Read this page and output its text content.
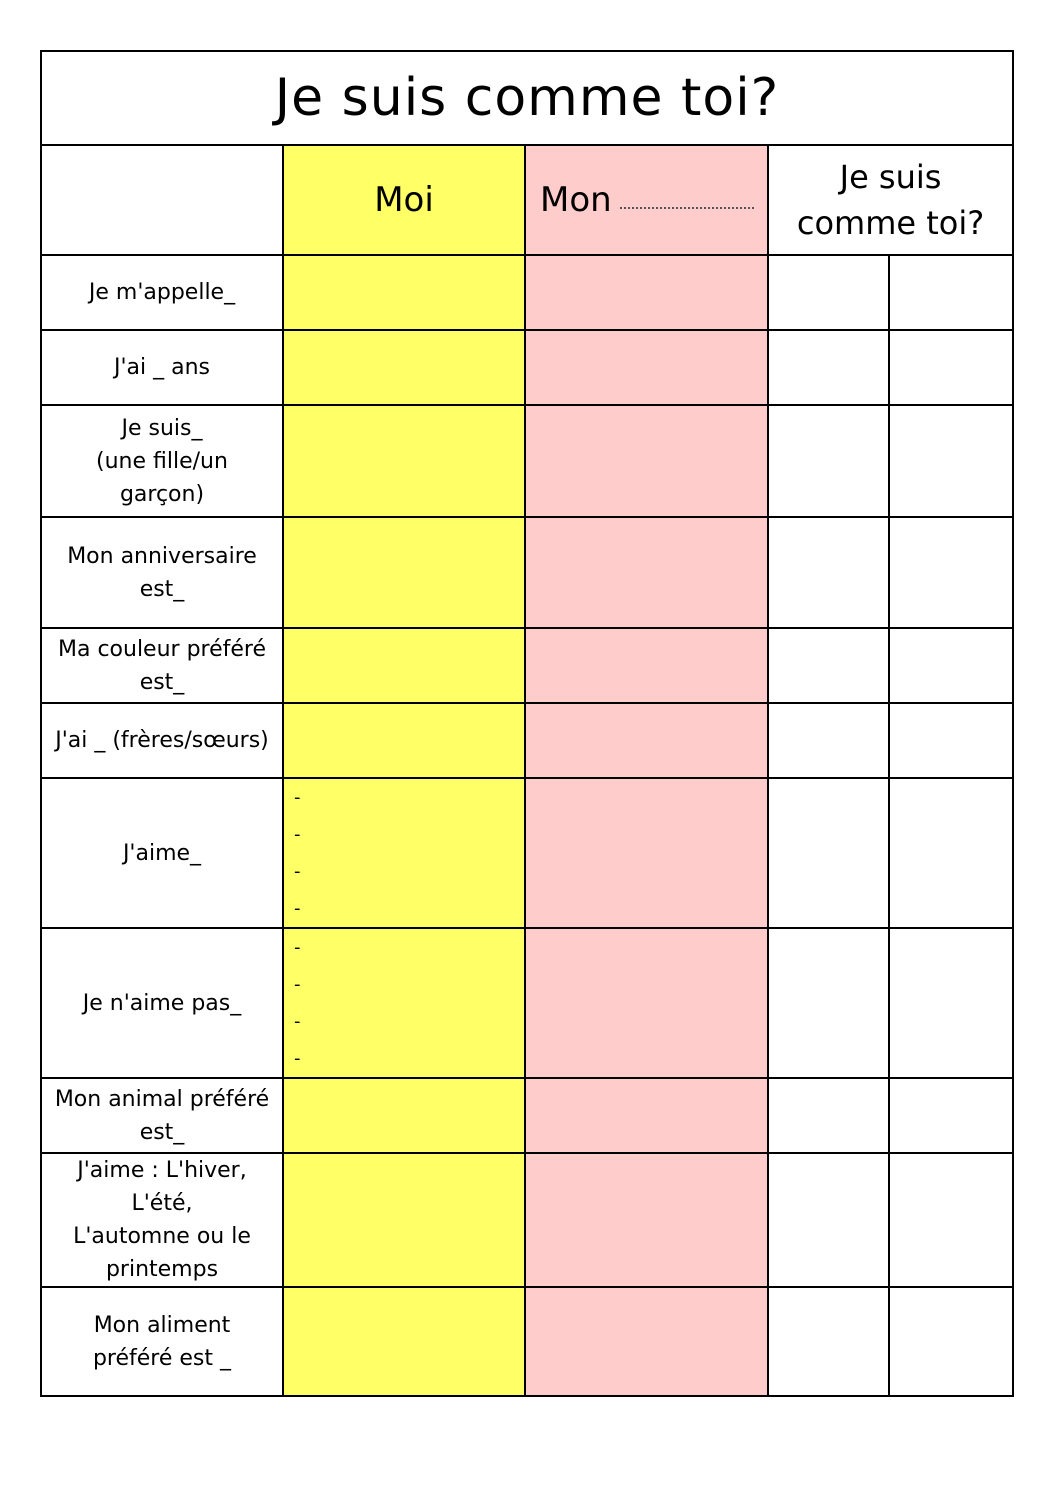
Je suis comme toi?				
	Moi	Mon	Je suis
comme toi?	

Je m'appelle_				

J'ai _ ans				

Je suis_
(une fille/un
garçon)				

Mon anniversaire
est_				

Ma couleur préféré
est_				

J'ai _ (frères/sœurs)				

J'aime_	-
-
-
-			

Je n'aime pas_	-
-
-
-			

Mon animal préféré
est_				

J'aime : L'hiver, L'été,
L'automne ou le
printemps				

Mon aliment
préféré est _				
